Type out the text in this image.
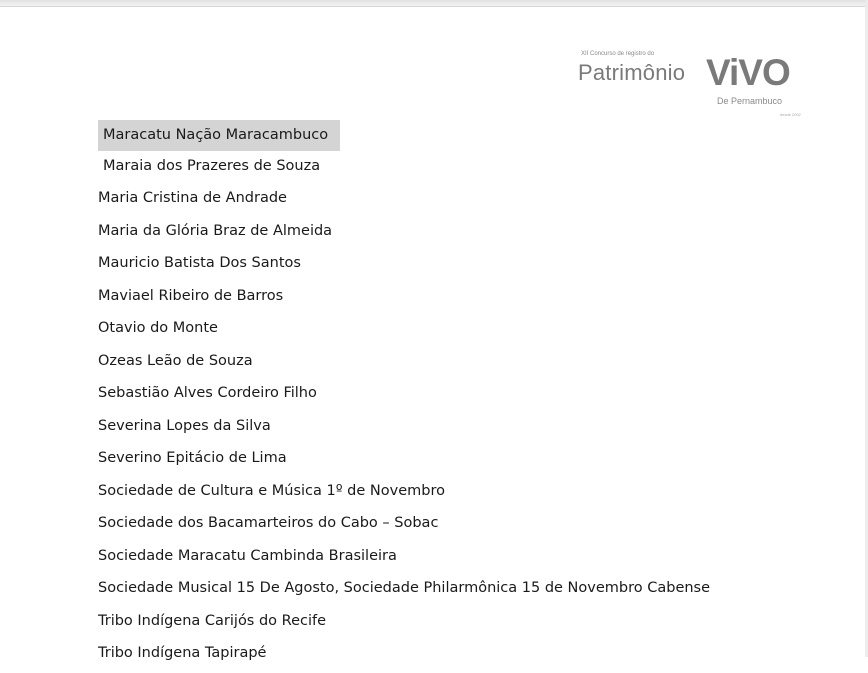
XII Concurso de registro do
Patrimônio ViVO
De Pernambuco
desde 2002
Maracatu Nação Maracambuco
Maraia dos Prazeres de Souza
Maria Cristina de Andrade
Maria da Glória Braz de Almeida
Mauricio Batista Dos Santos
Maviael Ribeiro de Barros
Otavio do Monte
Ozeas Leão de Souza
Sebastião Alves Cordeiro Filho
Severina Lopes da Silva
Severino Epitácio de Lima
Sociedade de Cultura e Música 1º de Novembro
Sociedade dos Bacamarteiros do Cabo – Sobac
Sociedade Maracatu Cambinda Brasileira
Sociedade Musical 15 De Agosto, Sociedade Philarmônica 15 de Novembro Cabense
Tribo Indígena Carijós do Recife
Tribo Indígena Tapirapé
